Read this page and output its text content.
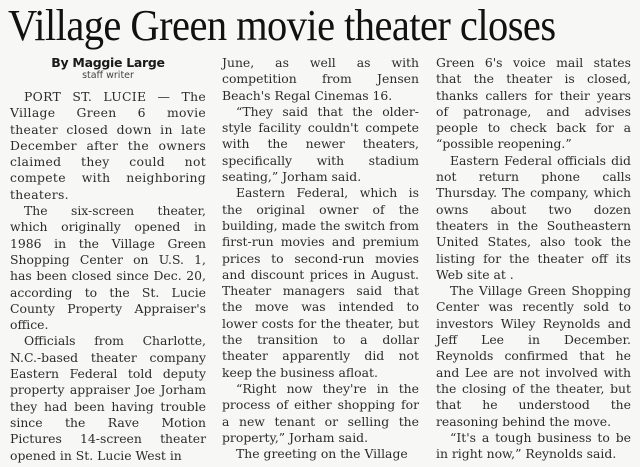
Village Green movie theater closes
By Maggie Large
staff writer

PORT ST. LUCIE — The Village Green 6 movie theater closed down in late December after the owners claimed they could not compete with neighboring theaters.

The six-screen theater, which originally opened in 1986 in the Village Green Shopping Center on U.S. 1, has been closed since Dec. 20, according to the St. Lucie County Property Appraiser's office.

Officials from Charlotte, N.C.-based theater company Eastern Federal told deputy property appraiser Joe Jorham they had been having trouble since the Rave Motion Pictures 14-screen theater opened in St. Lucie West in

June, as well as with competition from Jensen Beach's Regal Cinemas 16.

“They said that the older-style facility couldn't compete with the newer theaters, specifically with stadium seating,” Jorham said.

Eastern Federal, which is the original owner of the building, made the switch from first-run movies and premium prices to second-run movies and discount prices in August. Theater managers said that the move was intended to lower costs for the theater, but the transition to a dollar theater apparently did not keep the business afloat.

“Right now they're in the process of either shopping for a new tenant or selling the property,” Jorham said.

The greeting on the Village

Green 6's voice mail states that the theater is closed, thanks callers for their years of patronage, and advises people to check back for a “possible reopening.”

Eastern Federal officials did not return phone calls Thursday. The company, which owns about two dozen theaters in the Southeastern United States, also took the listing for the theater off its Web site at .

The Village Green Shopping Center was recently sold to investors Wiley Reynolds and Jeff Lee in December. Reynolds confirmed that he and Lee are not involved with the closing of the theater, but that he understood the reasoning behind the move.

“It's a tough business to be in right now,” Reynolds said.
